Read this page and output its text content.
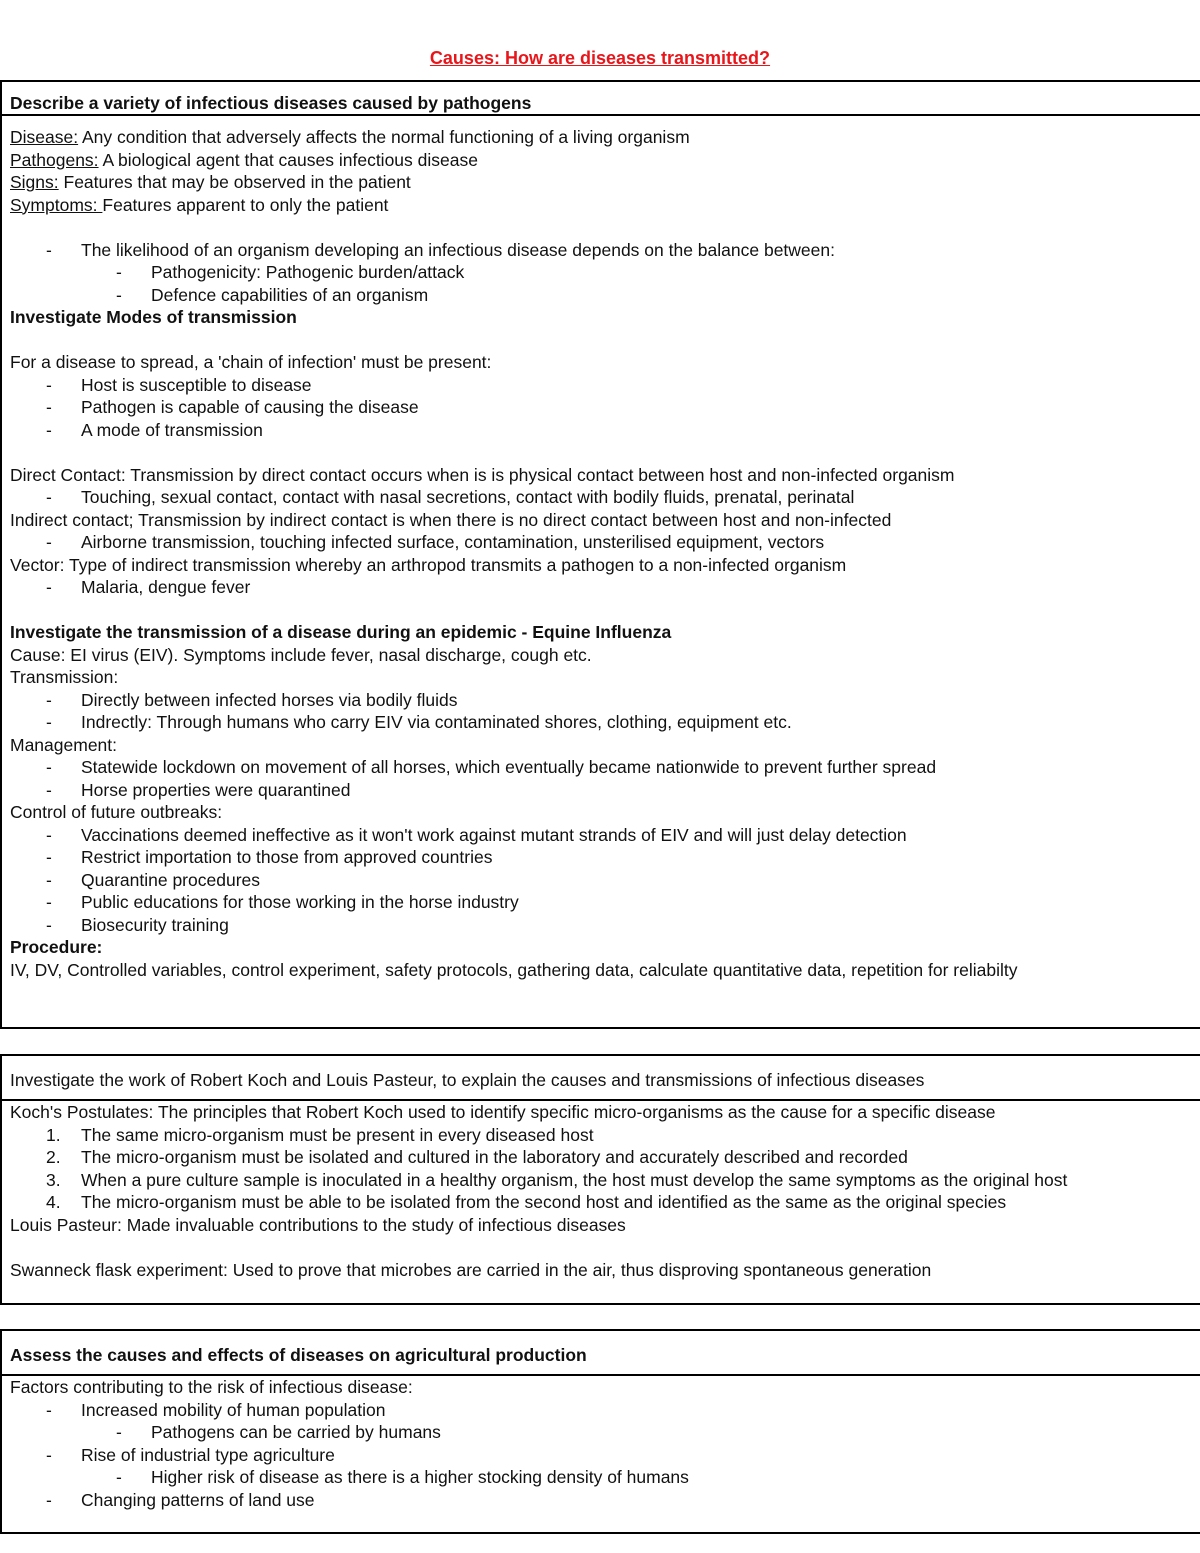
Causes: How are diseases transmitted?
Describe a variety of infectious diseases caused by pathogens
Disease: Any condition that adversely affects the normal functioning of a living organism
Pathogens: A biological agent that causes infectious disease
Signs: Features that may be observed in the patient
Symptoms: Features apparent to only the patient
-	The likelihood of an organism developing an infectious disease depends on the balance between:
-	Pathogenicity: Pathogenic burden/attack
-	Defence capabilities of an organism
Investigate Modes of transmission
For a disease to spread, a 'chain of infection' must be present:
-	Host is susceptible to disease
-	Pathogen is capable of causing the disease
-	A mode of transmission
Direct Contact: Transmission by direct contact occurs when is is physical contact between host and non-infected organism
-	Touching, sexual contact, contact with nasal secretions, contact with bodily fluids, prenatal, perinatal
Indirect contact; Transmission by indirect contact is when there is no direct contact between host and non-infected
-	Airborne transmission, touching infected surface, contamination, unsterilised equipment, vectors
Vector: Type of indirect transmission whereby an arthropod transmits a pathogen to a non-infected organism
-	Malaria, dengue fever
Investigate the transmission of a disease during an epidemic - Equine Influenza
Cause: EI virus (EIV). Symptoms include fever, nasal discharge, cough etc.
Transmission:
-	Directly between infected horses via bodily fluids
-	Indrectly: Through humans who carry EIV via contaminated shores, clothing, equipment etc.
Management:
-	Statewide lockdown on movement of all horses, which eventually became nationwide to prevent further spread
-	Horse properties were quarantined
Control of future outbreaks:
-	Vaccinations deemed ineffective as it won't work against mutant strands of EIV and will just delay detection
-	Restrict importation to those from approved countries
-	Quarantine procedures
-	Public educations for those working in the horse industry
-	Biosecurity training
Procedure:
IV, DV, Controlled variables, control experiment, safety protocols, gathering data, calculate quantitative data, repetition for reliabilty
Investigate the work of Robert Koch and Louis Pasteur, to explain the causes and transmissions of infectious diseases
Koch's Postulates: The principles that Robert Koch used to identify specific micro-organisms as the cause for a specific disease
1.	The same micro-organism must be present in every diseased host
2.	The micro-organism must be isolated and cultured in the laboratory and accurately described and recorded
3.	When a pure culture sample is inoculated in a healthy organism, the host must develop the same symptoms as the original host
4.	The micro-organism must be able to be isolated from the second host and identified as the same as the original species
Louis Pasteur: Made invaluable contributions to the study of infectious diseases
Swanneck flask experiment: Used to prove that microbes are carried in the air, thus disproving spontaneous generation
Assess the causes and effects of diseases on agricultural production
Factors contributing to the risk of infectious disease:
-	Increased mobility of human population
-	Pathogens can be carried by humans
-	Rise of industrial type agriculture
-	Higher risk of disease as there is a higher stocking density of humans
-	Changing patterns of land use
